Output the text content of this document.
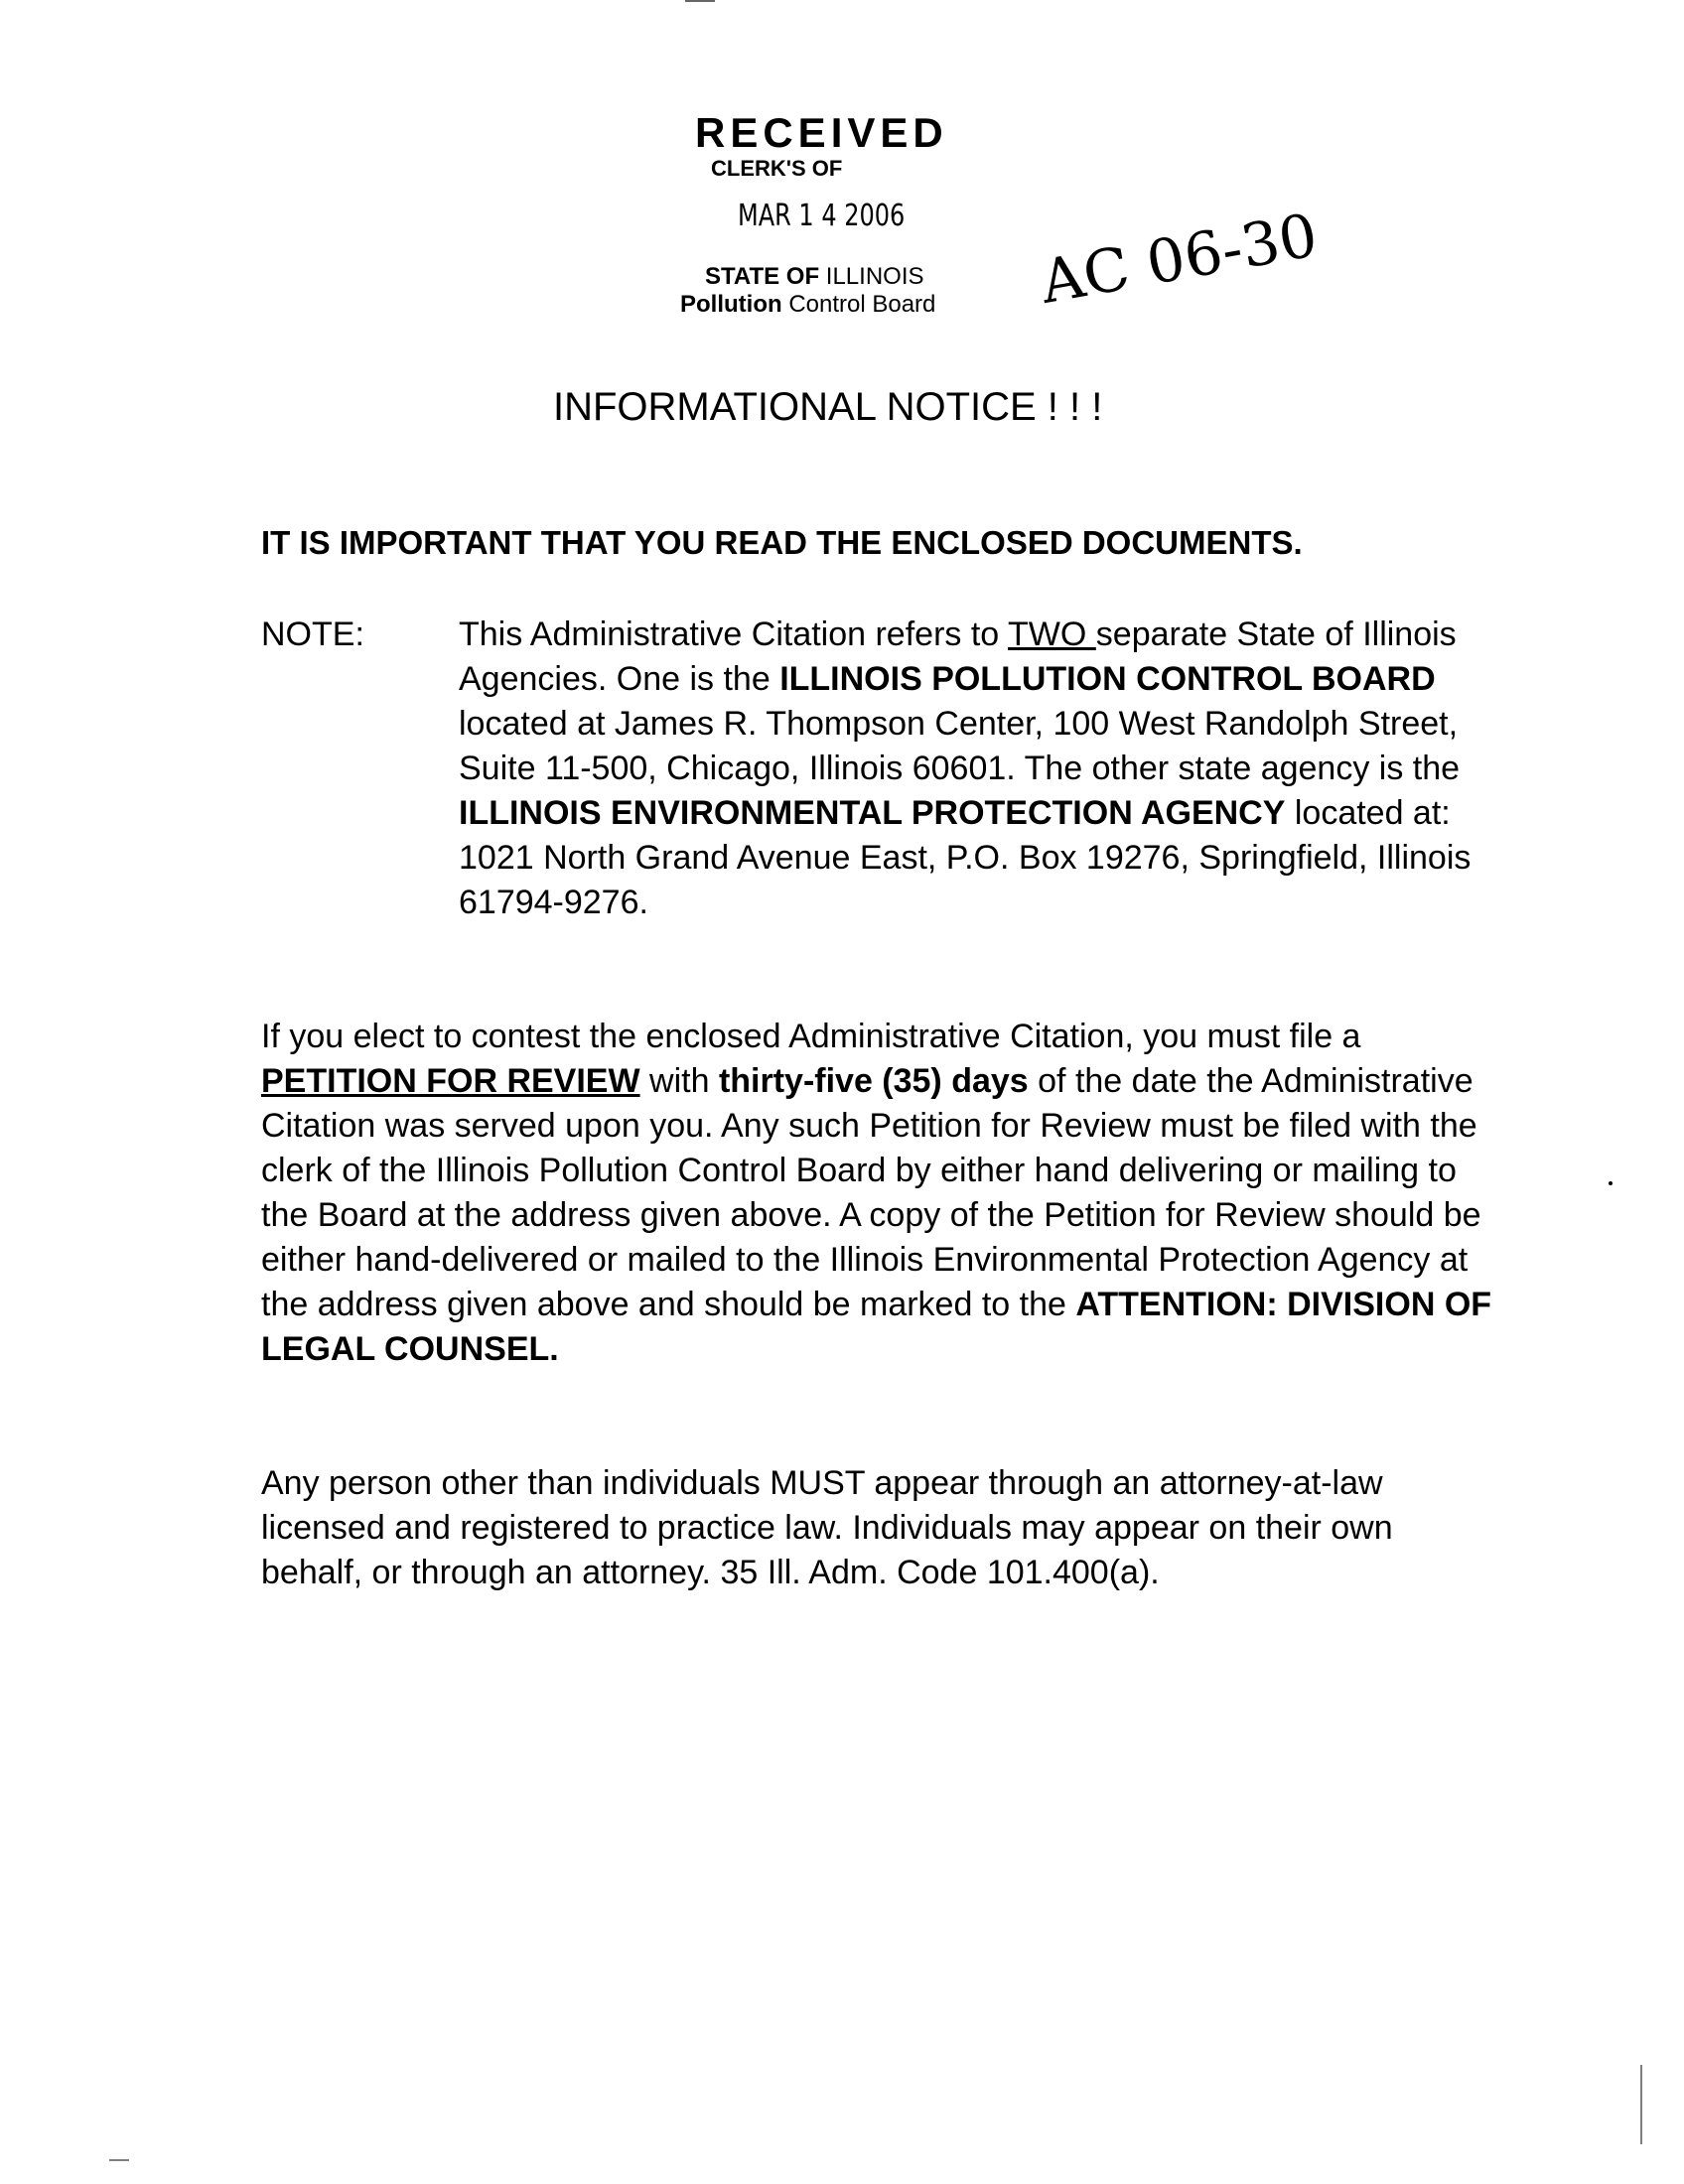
RECEIVED
CLERK'S OF
MAR 1 4 2006
STATE OF ILLINOIS
Pollution Control Board AC 06-30
INFORMATIONAL NOTICE ! ! !
IT IS IMPORTANT THAT YOU READ THE ENCLOSED DOCUMENTS.
NOTE:	This Administrative Citation refers to TWO separate State of Illinois Agencies. One is the ILLINOIS POLLUTION CONTROL BOARD located at James R. Thompson Center, 100 West Randolph Street, Suite 11-500, Chicago, Illinois 60601. The other state agency is the ILLINOIS ENVIRONMENTAL PROTECTION AGENCY located at: 1021 North Grand Avenue East, P.O. Box 19276, Springfield, Illinois 61794-9276.
If you elect to contest the enclosed Administrative Citation, you must file a PETITION FOR REVIEW with thirty-five (35) days of the date the Administrative Citation was served upon you. Any such Petition for Review must be filed with the clerk of the Illinois Pollution Control Board by either hand delivering or mailing to the Board at the address given above. A copy of the Petition for Review should be either hand-delivered or mailed to the Illinois Environmental Protection Agency at the address given above and should be marked to the ATTENTION: DIVISION OF LEGAL COUNSEL.
Any person other than individuals MUST appear through an attorney-at-law licensed and registered to practice law. Individuals may appear on their own behalf, or through an attorney. 35 Ill. Adm. Code 101.400(a).
